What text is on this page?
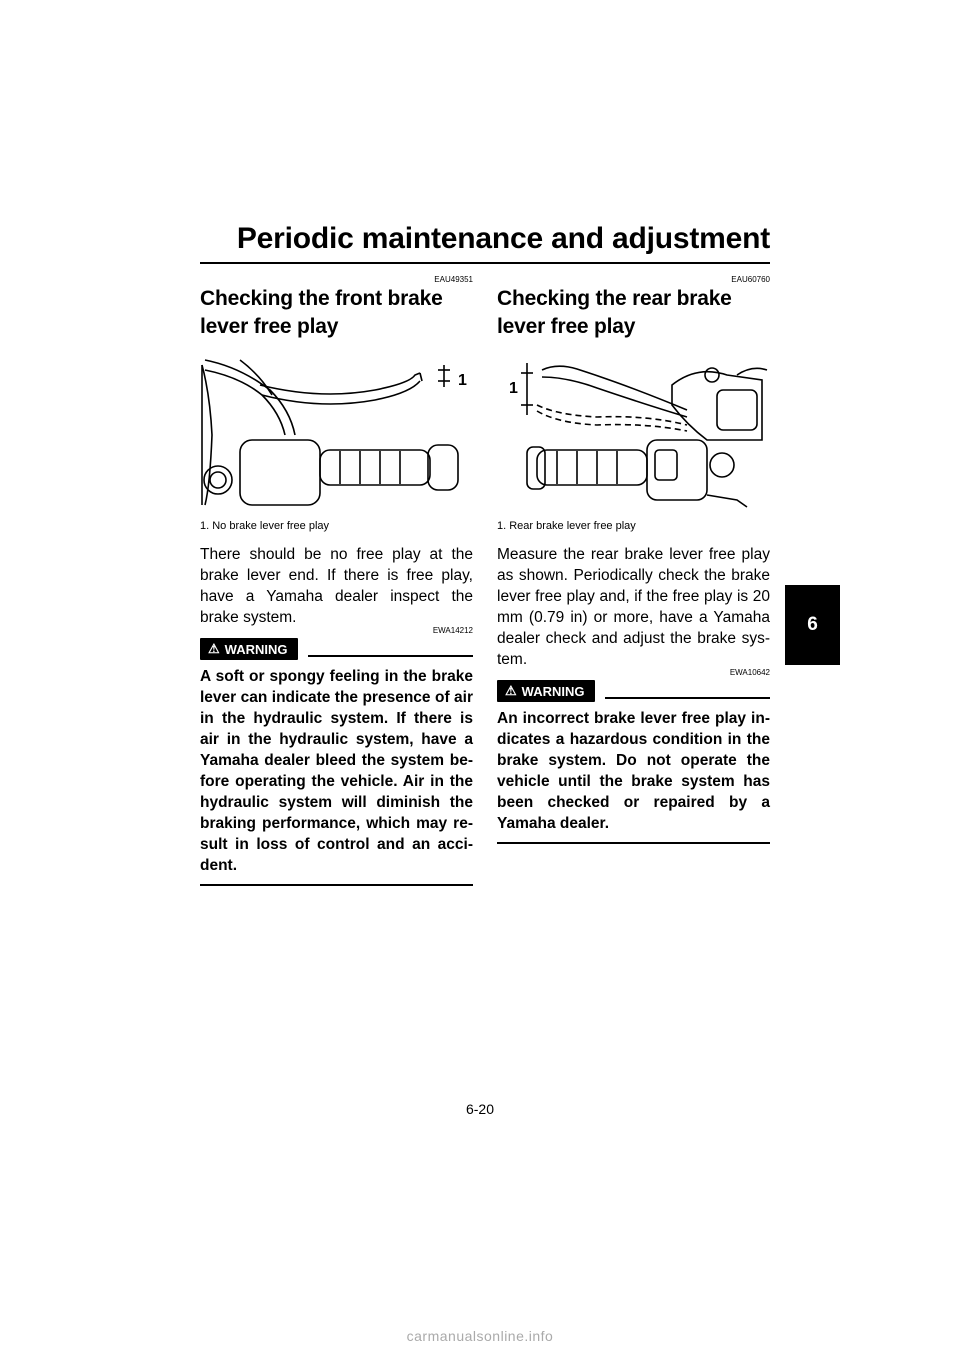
Periodic maintenance and adjustment
6
EAU49351
Checking the front brake lever free play
1
1. No brake lever free play
There should be no free play at the brake lever end. If there is free play, have a Yamaha dealer inspect the brake system.
⚠ WARNING
EWA14212
A soft or spongy feeling in the brake lever can indicate the presence of air in the hydraulic system. If there is air in the hydraulic system, have a Yamaha dealer bleed the system be-fore operating the vehicle. Air in the hydraulic system will diminish the braking performance, which may re-sult in loss of control and an acci-dent.
EAU60760
Checking the rear brake lever free play
1
1. Rear brake lever free play
Measure the rear brake lever free play as shown. Periodically check the brake lever free play and, if the free play is 20 mm (0.79 in) or more, have a Yamaha dealer check and adjust the brake sys-tem.
⚠ WARNING
EWA10642
An incorrect brake lever free play in-dicates a hazardous condition in the brake system. Do not operate the vehicle until the brake system has been checked or repaired by a Yamaha dealer.
6-20
carmanualsonline.info
